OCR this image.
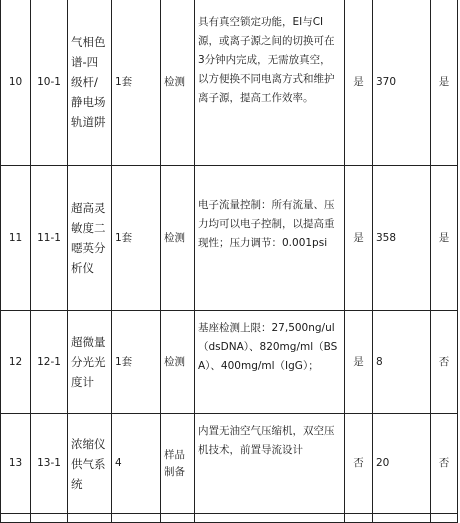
10	10-1	气相色谱-四级杆/静电场轨道阱	1套	检测	具有真空锁定功能，EI与CI源，或离子源之间的切换可在3分钟内完成，无需放真空，以方便换不同电离方式和维护离子源，提高工作效率。	是	370	是
11	11-1	超高灵敏度二噁英分析仪	1套	检测	电子流量控制：所有流量、压力均可以电子控制，以提高重现性；压力调节：0.001psi	是	358	是
12	12-1	超微量分光光度计	1套	检测	基座检测上限：27,500ng/ul（dsDNA）、820mg/ml（BSA）、400mg/ml（IgG）；	是	8	否
13	13-1	浓缩仪供气系统	4	样品制备	内置无油空气压缩机，双空压机技术，前置导流设计	否	20	否
